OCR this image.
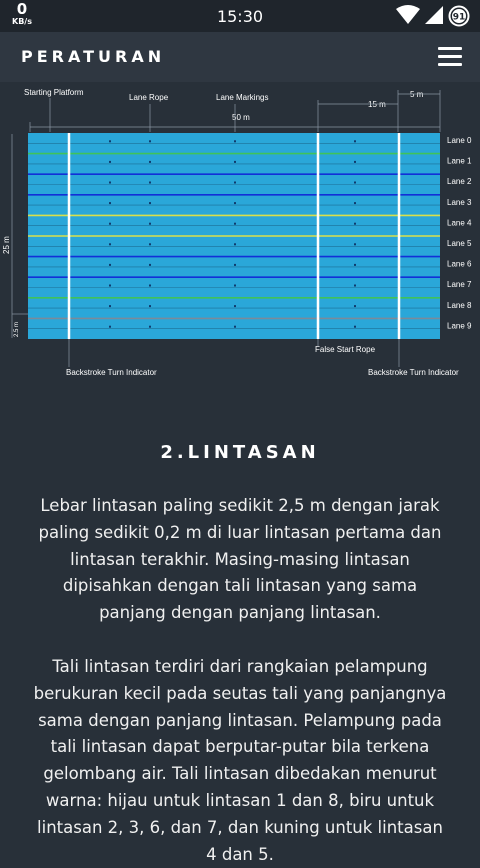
0
KB/s	15:30	91
PERATURAN
Starting Platform
Lane Rope	Lane Markings	5 m
15 m
50 m
25 m
2.5 m
Lane 0
Lane 1
Lane 2
Lane 3
Lane 4
Lane 5
Lane 6
Lane 7
Lane 8
Lane 9
False Start Rope
Backstroke Turn Indicator	Backstroke Turn Indicator
2.LINTASAN

Lebar lintasan paling sedikit 2,5 m dengan jarak paling sedikit 0,2 m di luar lintasan pertama dan lintasan terakhir. Masing-masing lintasan dipisahkan dengan tali lintasan yang sama panjang dengan panjang lintasan.

Tali lintasan terdiri dari rangkaian pelampung berukuran kecil pada seutas tali yang panjangnya sama dengan panjang lintasan. Pelampung pada tali lintasan dapat berputar-putar bila terkena gelombang air. Tali lintasan dibedakan menurut warna: hijau untuk lintasan 1 dan 8, biru untuk lintasan 2, 3, 6, dan 7, dan kuning untuk lintasan 4 dan 5.
